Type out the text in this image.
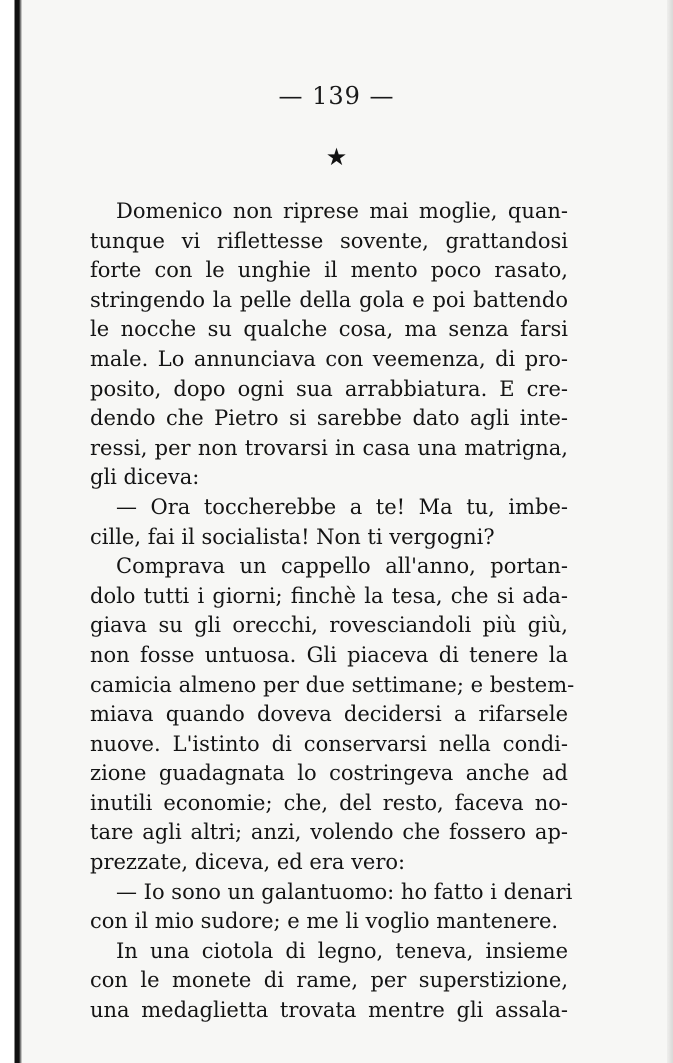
— 139 —
★
Domenico non riprese mai moglie, quan-
tunque vi riflettesse sovente, grattandosi
forte con le unghie il mento poco rasato,
stringendo la pelle della gola e poi battendo
le nocche su qualche cosa, ma senza farsi
male. Lo annunciava con veemenza, di pro-
posito, dopo ogni sua arrabbiatura. E cre-
dendo che Pietro si sarebbe dato agli inte-
ressi, per non trovarsi in casa una matrigna,
gli diceva:
— Ora toccherebbe a te! Ma tu, imbe-
cille, fai il socialista! Non ti vergogni?
Comprava un cappello all'anno, portan-
dolo tutti i giorni; finchè la tesa, che si ada-
giava su gli orecchi, rovesciandoli più giù,
non fosse untuosa. Gli piaceva di tenere la
camicia almeno per due settimane; e bestem-
miava quando doveva decidersi a rifarsele
nuove. L'istinto di conservarsi nella condi-
zione guadagnata lo costringeva anche ad
inutili economie; che, del resto, faceva no-
tare agli altri; anzi, volendo che fossero ap-
prezzate, diceva, ed era vero:
— Io sono un galantuomo: ho fatto i denari
con il mio sudore; e me li voglio mantenere.
In una ciotola di legno, teneva, insieme
con le monete di rame, per superstizione,
una medaglietta trovata mentre gli assala-
